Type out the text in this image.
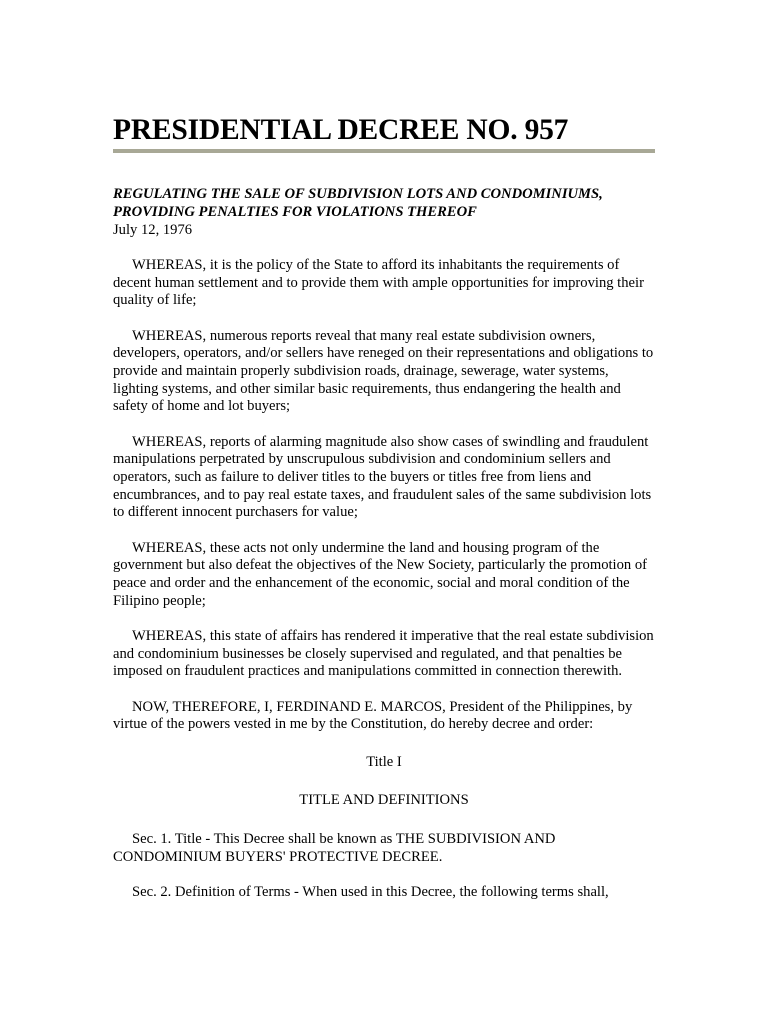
PRESIDENTIAL DECREE NO. 957
REGULATING THE SALE OF SUBDIVISION LOTS AND CONDOMINIUMS, PROVIDING PENALTIES FOR VIOLATIONS THEREOF
July 12, 1976

WHEREAS, it is the policy of the State to afford its inhabitants the requirements of decent human settlement and to provide them with ample opportunities for improving their quality of life;

WHEREAS, numerous reports reveal that many real estate subdivision owners, developers, operators, and/or sellers have reneged on their representations and obligations to provide and maintain properly subdivision roads, drainage, sewerage, water systems, lighting systems, and other similar basic requirements, thus endangering the health and safety of home and lot buyers;

WHEREAS, reports of alarming magnitude also show cases of swindling and fraudulent manipulations perpetrated by unscrupulous subdivision and condominium sellers and operators, such as failure to deliver titles to the buyers or titles free from liens and encumbrances, and to pay real estate taxes, and fraudulent sales of the same subdivision lots to different innocent purchasers for value;

WHEREAS, these acts not only undermine the land and housing program of the government but also defeat the objectives of the New Society, particularly the promotion of peace and order and the enhancement of the economic, social and moral condition of the Filipino people;

WHEREAS, this state of affairs has rendered it imperative that the real estate subdivision and condominium businesses be closely supervised and regulated, and that penalties be imposed on fraudulent practices and manipulations committed in connection therewith.

NOW, THEREFORE, I, FERDINAND E. MARCOS, President of the Philippines, by virtue of the powers vested in me by the Constitution, do hereby decree and order:

Title I

TITLE AND DEFINITIONS

Sec. 1. Title - This Decree shall be known as THE SUBDIVISION AND CONDOMINIUM BUYERS' PROTECTIVE DECREE.

Sec. 2. Definition of Terms - When used in this Decree, the following terms shall,
